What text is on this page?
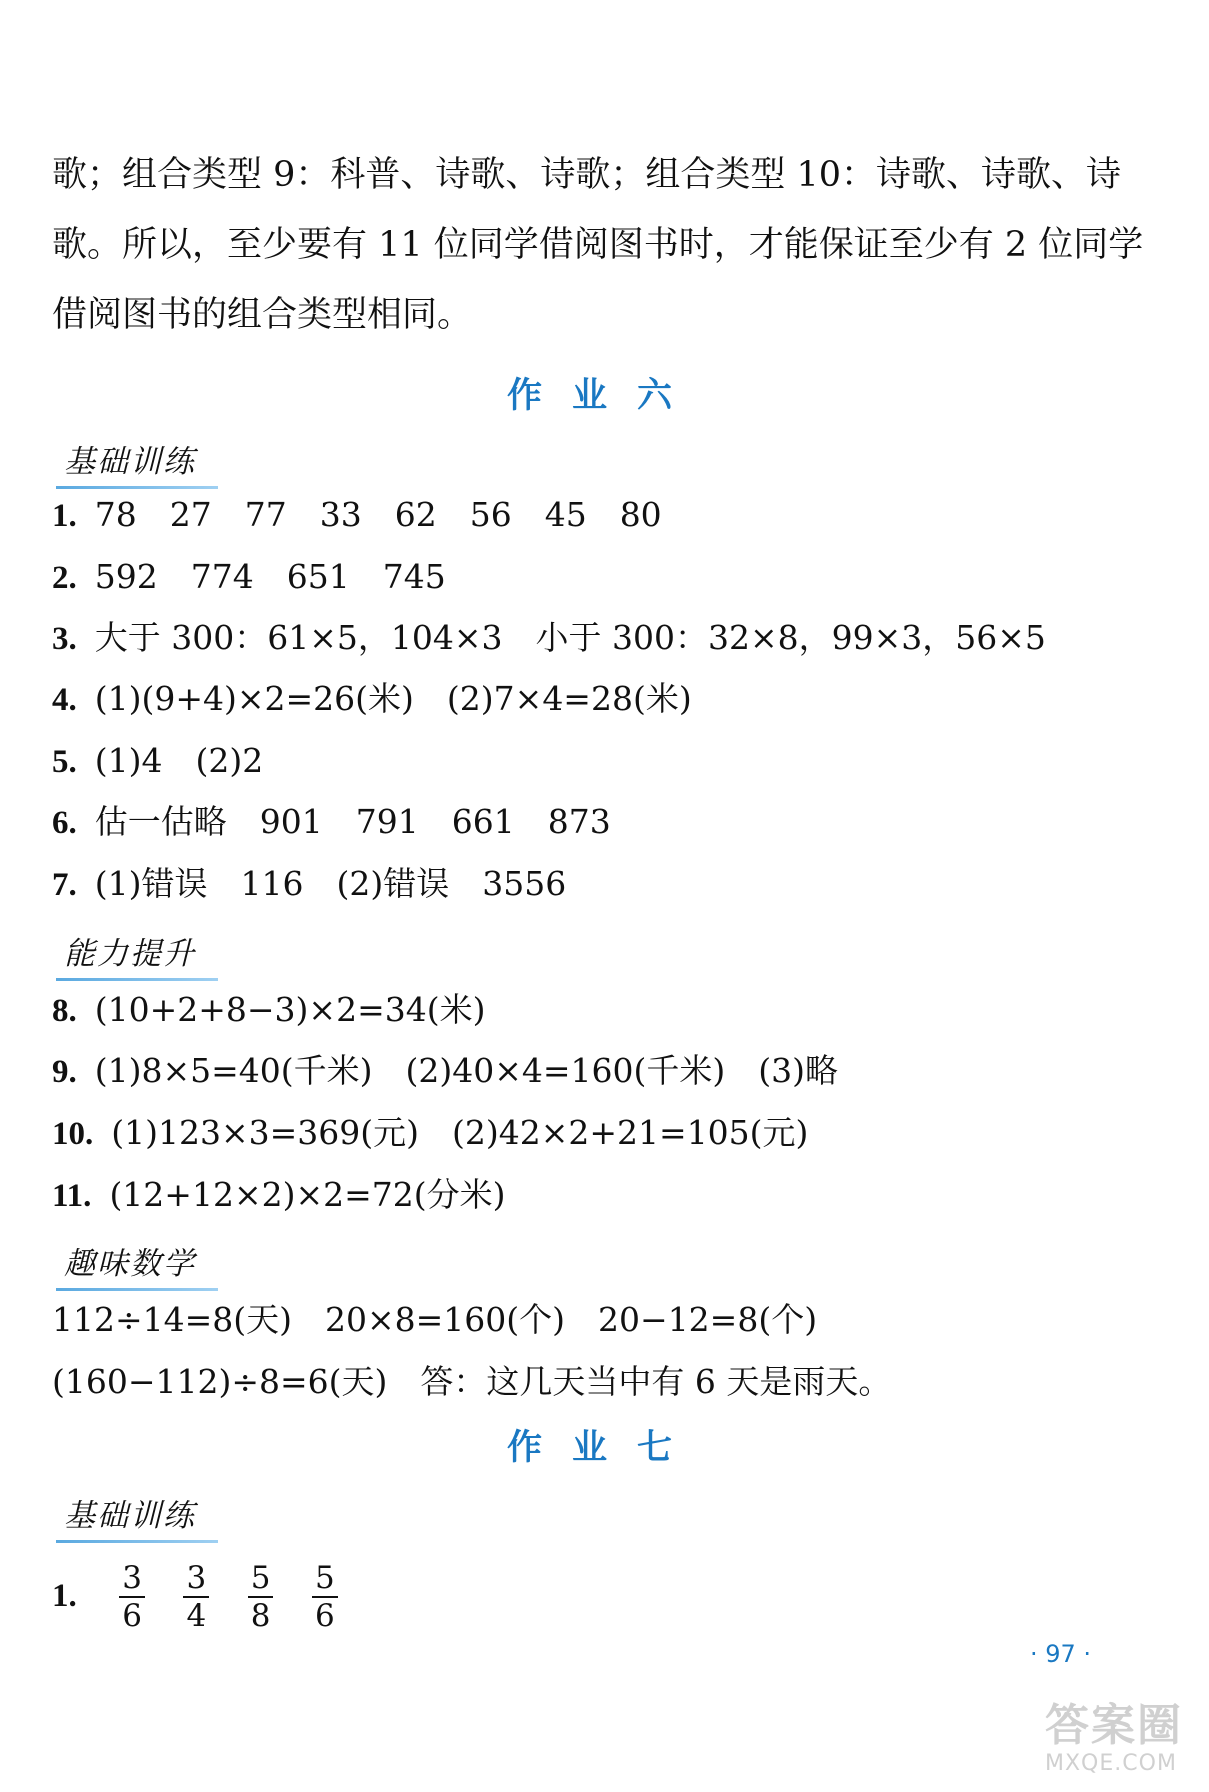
歌；组合类型 9：科普、诗歌、诗歌；组合类型 10：诗歌、诗歌、诗
歌。所以，至少要有 11 位同学借阅图书时，才能保证至少有 2 位同学
借阅图书的组合类型相同。
作业六
基础训练
1. 78　27　77　33　62　56　45　80
2. 592　774　651　745
3. 大于 300：61×5，104×3　小于 300：32×8，99×3，56×5
4. (1)(9+4)×2=26(米)　(2)7×4=28(米)
5. (1)4　(2)2
6. 估一估略　901　791　661　873
7. (1)错误　116　(2)错误　3556
能力提升
8. (10+2+8−3)×2=34(米)
9. (1)8×5=40(千米)　(2)40×4=160(千米)　(3)略
10. (1)123×3=369(元)　(2)42×2+21=105(元)
11. (12+12×2)×2=72(分米)
趣味数学
112÷14=8(天)　20×8=160(个)　20−12=8(个)
(160−112)÷8=6(天)　答：这几天当中有 6 天是雨天。
作业七
基础训练
1. $\frac{3}{6}$
$\frac{3}{4}$
$\frac{5}{8}$
$\frac{5}{6}$
· 97 ·
答案圈
MXQE.COM
